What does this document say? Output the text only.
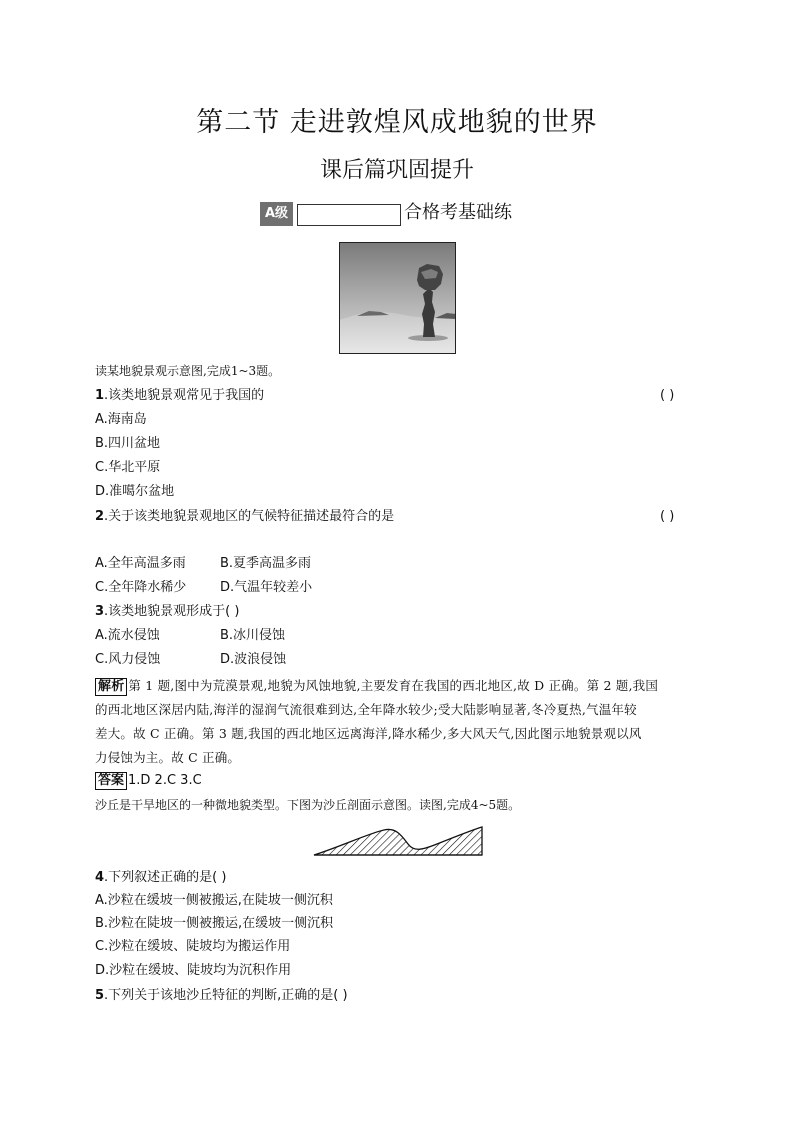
第二节 走进敦煌风成地貌的世界
课后篇巩固提升
A级	合格考基础练
读某地貌景观示意图,完成1~3题。
1.该类地貌景观常见于我国的	( )
A.海南岛
B.四川盆地
C.华北平原
D.准噶尔盆地
2.关于该类地貌景观地区的气候特征描述最符合的是	( )
A.全年高温多雨	B.夏季高温多雨
C.全年降水稀少	D.气温年较差小
3.该类地貌景观形成于( )
A.流水侵蚀	B.冰川侵蚀
C.风力侵蚀	D.波浪侵蚀
解析 第 1 题,图中为荒漠景观,地貌为风蚀地貌,主要发育在我国的西北地区,故 D 正确。第 2 题,我国
的西北地区深居内陆,海洋的湿润气流很难到达,全年降水较少;受大陆影响显著,冬冷夏热,气温年较
差大。故 C 正确。第 3 题,我国的西北地区远离海洋,降水稀少,多大风天气,因此图示地貌景观以风
力侵蚀为主。故 C 正确。
答案 1.D 2.C 3.C
沙丘是干旱地区的一种微地貌类型。下图为沙丘剖面示意图。读图,完成4~5题。
4.下列叙述正确的是( )
A.沙粒在缓坡一侧被搬运,在陡坡一侧沉积
B.沙粒在陡坡一侧被搬运,在缓坡一侧沉积
C.沙粒在缓坡、陡坡均为搬运作用
D.沙粒在缓坡、陡坡均为沉积作用
5.下列关于该地沙丘特征的判断,正确的是( )
